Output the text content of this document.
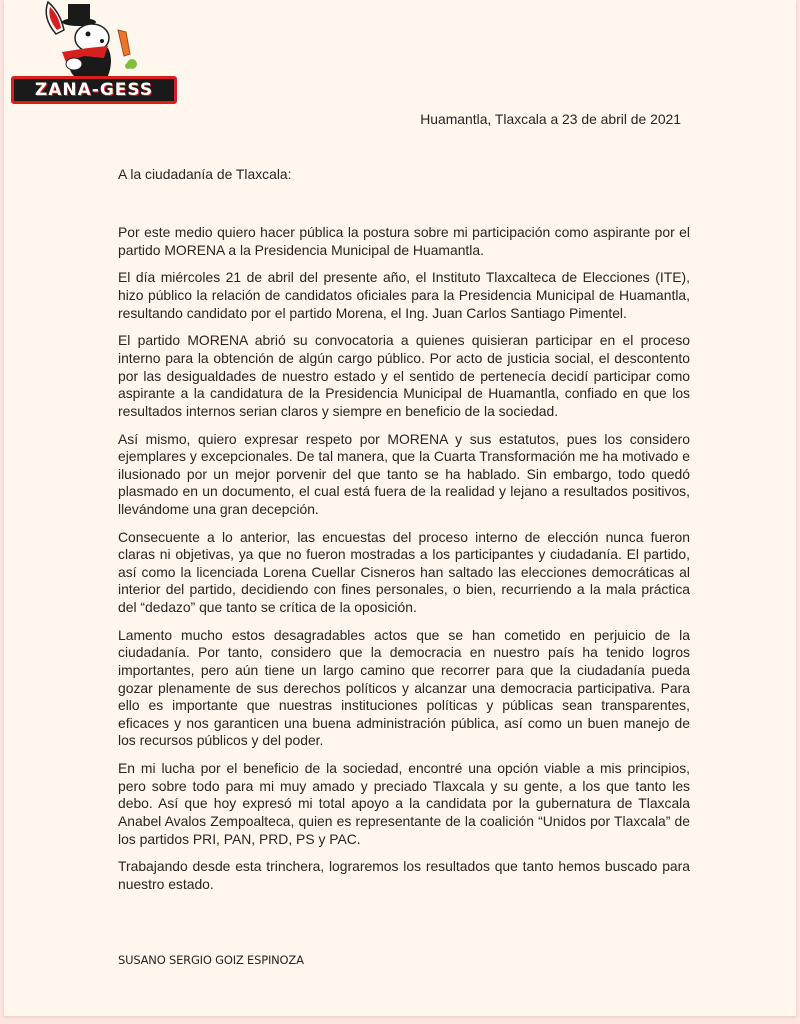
ZANA-GESS
Huamantla, Tlaxcala a 23 de abril de 2021
A la ciudadanía de Tlaxcala:

Por este medio quiero hacer pública la postura sobre mi participación como aspirante por el partido MORENA a la Presidencia Municipal de Huamantla.

El día miércoles 21 de abril del presente año, el Instituto Tlaxcalteca de Elecciones (ITE), hizo público la relación de candidatos oficiales para la Presidencia Municipal de Huamantla, resultando candidato por el partido Morena, el Ing. Juan Carlos Santiago Pimentel.

El partido MORENA abrió su convocatoria a quienes quisieran participar en el proceso interno para la obtención de algún cargo público. Por acto de justicia social, el descontento por las desigualdades de nuestro estado y el sentido de pertenecía decidí participar como aspirante a la candidatura de la Presidencia Municipal de Huamantla, confiado en que los resultados internos serian claros y siempre en beneficio de la sociedad.

Así mismo, quiero expresar respeto por MORENA y sus estatutos, pues los considero ejemplares y excepcionales. De tal manera, que la Cuarta Transformación me ha motivado e ilusionado por un mejor porvenir del que tanto se ha hablado. Sin embargo, todo quedó plasmado en un documento, el cual está fuera de la realidad y lejano a resultados positivos, llevándome una gran decepción.

Consecuente a lo anterior, las encuestas del proceso interno de elección nunca fueron claras ni objetivas, ya que no fueron mostradas a los participantes y ciudadanía. El partido, así como la licenciada Lorena Cuellar Cisneros han saltado las elecciones democráticas al interior del partido, decidiendo con fines personales, o bien, recurriendo a la mala práctica del “dedazo” que tanto se crítica de la oposición.

Lamento mucho estos desagradables actos que se han cometido en perjuicio de la ciudadanía. Por tanto, considero que la democracia en nuestro país ha tenido logros importantes, pero aún tiene un largo camino que recorrer para que la ciudadanía pueda gozar plenamente de sus derechos políticos y alcanzar una democracia participativa. Para ello es importante que nuestras instituciones políticas y públicas sean transparentes, eficaces y nos garanticen una buena administración pública, así como un buen manejo de los recursos públicos y del poder.

En mi lucha por el beneficio de la sociedad, encontré una opción viable a mis principios, pero sobre todo para mi muy amado y preciado Tlaxcala y su gente, a los que tanto les debo. Así que hoy expresó mi total apoyo a la candidata por la gubernatura de Tlaxcala Anabel Avalos Zempoalteca, quien es representante de la coalición “Unidos por Tlaxcala” de los partidos PRI, PAN, PRD, PS y PAC.

Trabajando desde esta trinchera, lograremos los resultados que tanto hemos buscado para nuestro estado.

SUSANO SERGIO GOIZ ESPINOZA
